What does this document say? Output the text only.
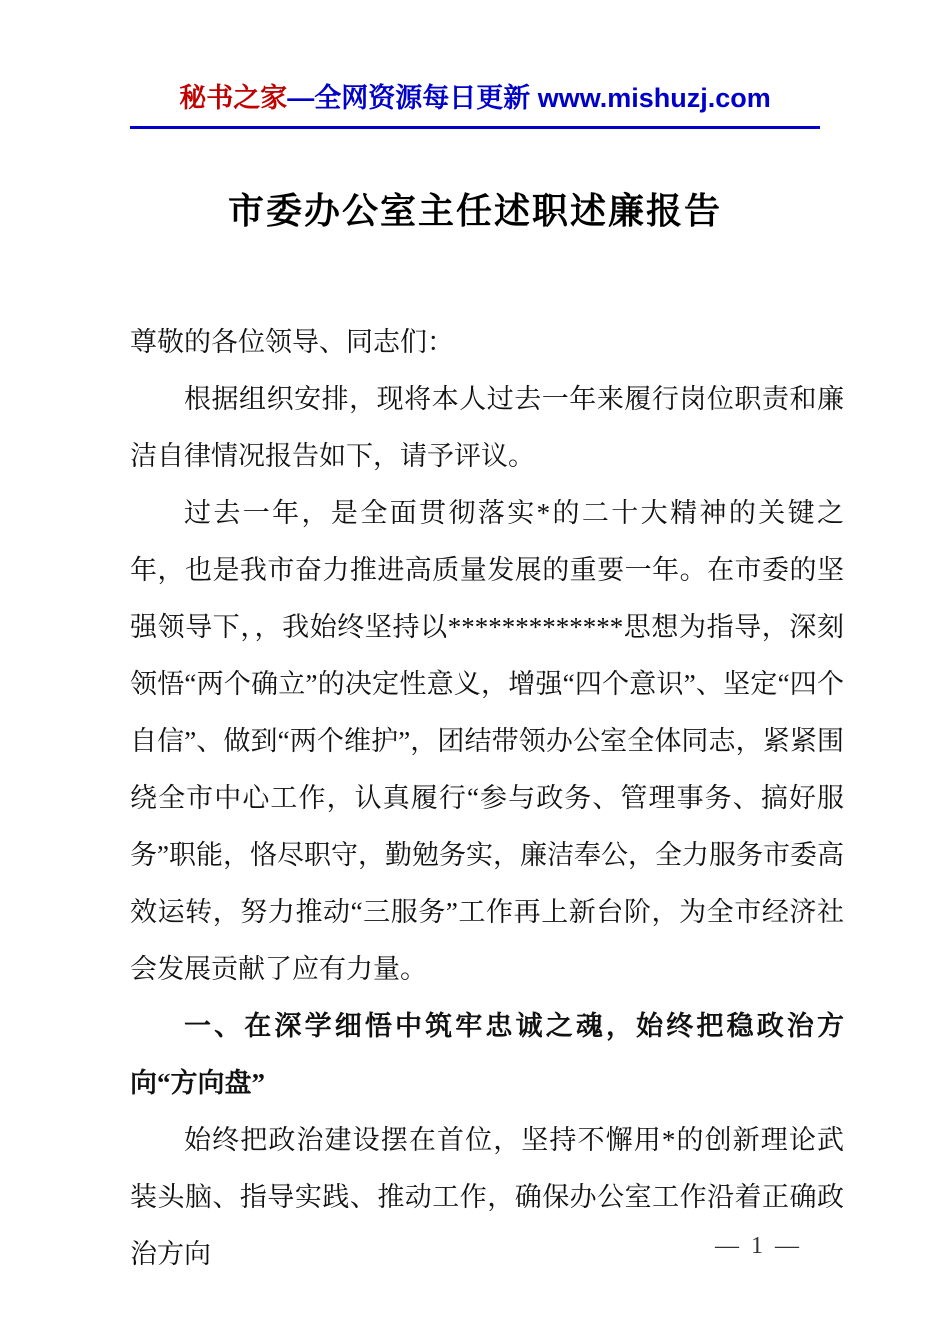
秘书之家—全网资源每日更新 www.mishuzj.com
市委办公室主任述职述廉报告

尊敬的各位领导、同志们：

根据组织安排，现将本人过去一年来履行岗位职责和廉洁自律情况报告如下，请予评议。

过去一年，是全面贯彻落实*的二十大精神的关键之年，也是我市奋力推进高质量发展的重要一年。在市委的坚强领导下，，我始终坚持以*************思想为指导，深刻领悟“两个确立”的决定性意义，增强“四个意识”、坚定“四个自信”、做到“两个维护”，团结带领办公室全体同志，紧紧围绕全市中心工作，认真履行“参与政务、管理事务、搞好服务”职能，恪尽职守，勤勉务实，廉洁奉公，全力服务市委高效运转，努力推动“三服务”工作再上新台阶，为全市经济社会发展贡献了应有力量。

一、在深学细悟中筑牢忠诚之魂，始终把稳政治方向“方向盘”

始终把政治建设摆在首位，坚持不懈用*的创新理论武装头脑、指导实践、推动工作，确保办公室工作沿着正确政治方向	— 1 —
